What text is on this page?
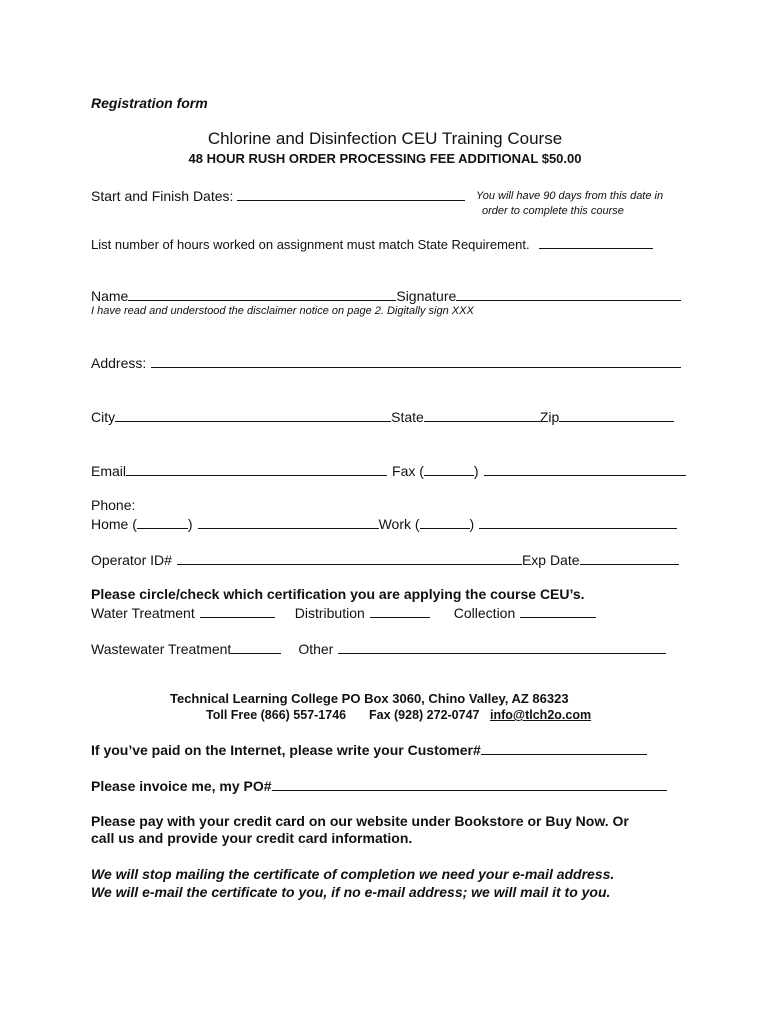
Registration form
Chlorine and Disinfection CEU Training Course
48 HOUR RUSH ORDER PROCESSING FEE ADDITIONAL $50.00
Start and Finish Dates:	You will have 90 days from this date in
order to complete this course
List number of hours worked on assignment must match State Requirement.
Name	Signature
I have read and understood the disclaimer notice on page 2. Digitally sign XXX
Address:
City	State	Zip
Email	Fax (	)
Phone:
Home (	)	Work (	)
Operator ID#	Exp Date
Please circle/check which certification you are applying the course CEU’s.
Water Treatment	Distribution	Collection
Wastewater Treatment	Other
Technical Learning College PO Box 3060, Chino Valley, AZ 86323
Toll Free (866) 557-1746 Fax (928) 272-0747 info@tlch2o.com
If you’ve paid on the Internet, please write your Customer#
Please invoice me, my PO#
Please pay with your credit card on our website under Bookstore or Buy Now. Or
call us and provide your credit card information.
We will stop mailing the certificate of completion we need your e-mail address.
We will e-mail the certificate to you, if no e-mail address; we will mail it to you.
